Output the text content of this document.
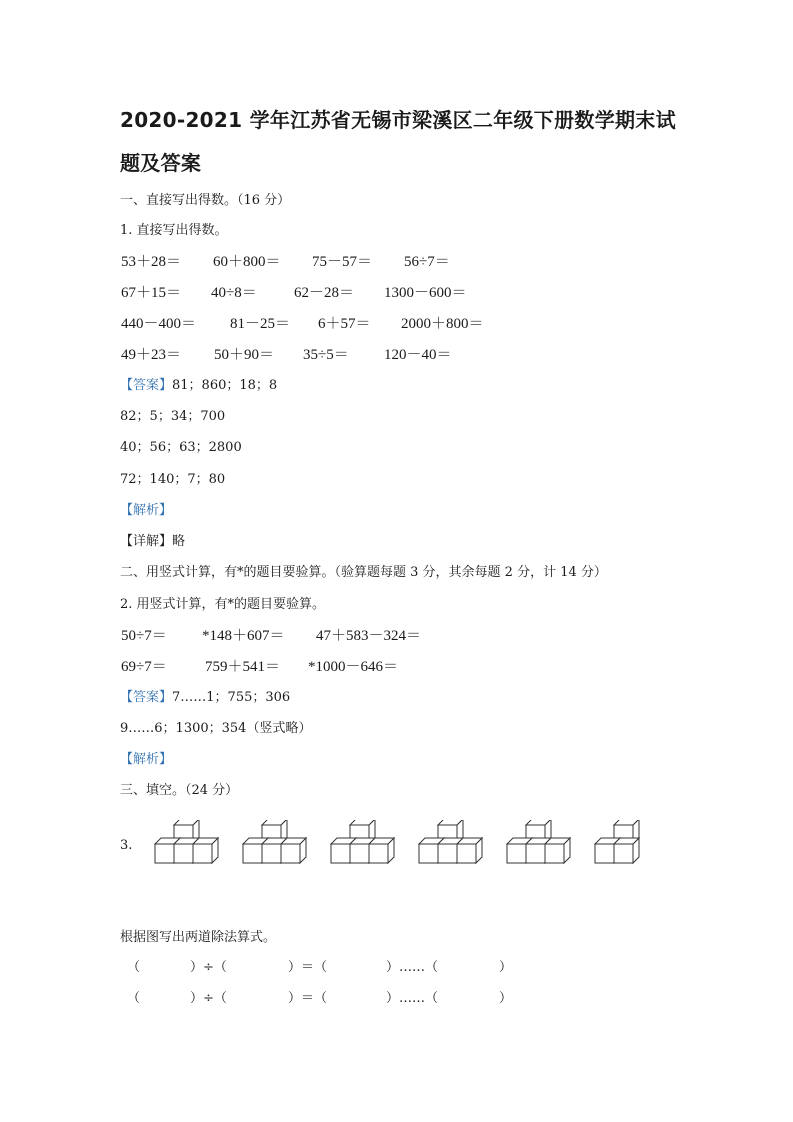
2020-2021 学年江苏省无锡市梁溪区二年级下册数学期末试
题及答案
一、直接写出得数。（16 分）
1. 直接写出得数。
53＋28＝ 60＋800＝ 75－57＝ 56÷7＝
67＋15＝ 40÷8＝ 62－28＝ 1300－600＝
440－400＝ 81－25＝ 6＋57＝ 2000＋800＝
49＋23＝ 50＋90＝ 35÷5＝ 120－40＝
【答案】81；860；18；8
82；5；34；700
40；56；63；2800
72；140；7；80
【解析】
【详解】略
二、用竖式计算，有*的题目要验算。（验算题每题 3 分，其余每题 2 分，计 14 分）
2. 用竖式计算，有*的题目要验算。
50÷7＝ *148＋607＝ 47＋583－324＝
69÷7＝	759＋541＝ *1000－646＝
【答案】7……1；755；306
9……6；1300；354（竖式略）
【解析】
三、填空。（24 分）
3.
根据图写出两道除法算式。
（	）÷（	）＝（	）……（	）
（	）÷（	）＝（	）……（	）
